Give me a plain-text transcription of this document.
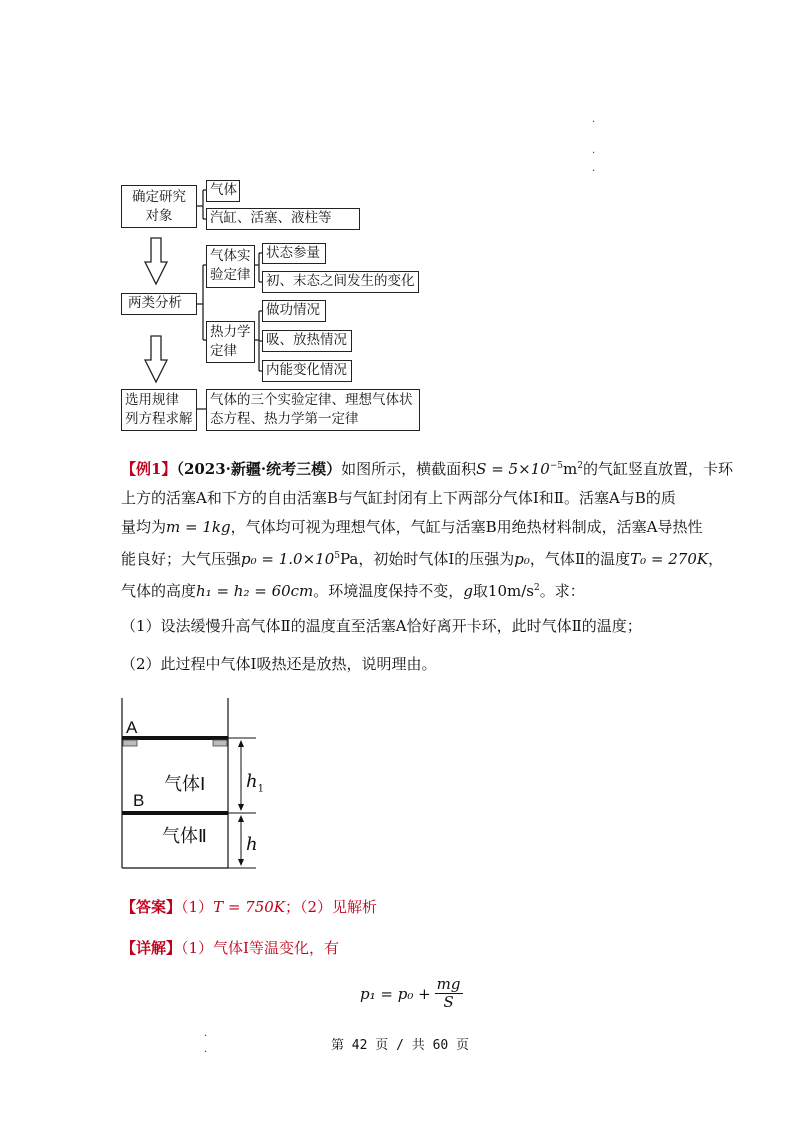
·
·
·
·
·
确定研究
对象
气体
汽缸、活塞、液柱等
两类分析
气体实
验定律
状态参量
初、末态之间发生的变化
热力学
定律
做功情况
吸、放热情况
内能变化情况
选用规律
列方程求解
气体的三个实验定律、理想气体状
态方程、热力学第一定律
【例1】（2023·新疆·统考三模）如图所示，横截面积$S = 5\times 10^{-5}m^2$的气缸竖直放置，卡环
上方的活塞A和下方的自由活塞B与气缸封闭有上下两部分气体Ⅰ和Ⅱ。活塞A与B的质
量均为m = 1kg，气体均可视为理想气体，气缸与活塞B用绝热材料制成，活塞A导热性
能良好；大气压强$p_0 = 1.0\times 10^5Pa$，初始时气体Ⅰ的压强为p₀，气体Ⅱ的温度T₀ = 270K，
气体的高度h₁ = h₂ = 60cm。环境温度保持不变，g取$10m/s^2$。求：
（1）设法缓慢升高气体Ⅱ的温度直至活塞A恰好离开卡环，此时气体Ⅱ的温度；
（2）此过程中气体Ⅰ吸热还是放热，说明理由。
A
B
气体Ⅰ
气体Ⅱ
$h_1$
h
【答案】（1）T = 750K；（2）见解析
【详解】（1）气体Ⅰ等温变化，有
$p_1 = p_0 + \frac{mg}{S}$
第 42 页 / 共 60 页
